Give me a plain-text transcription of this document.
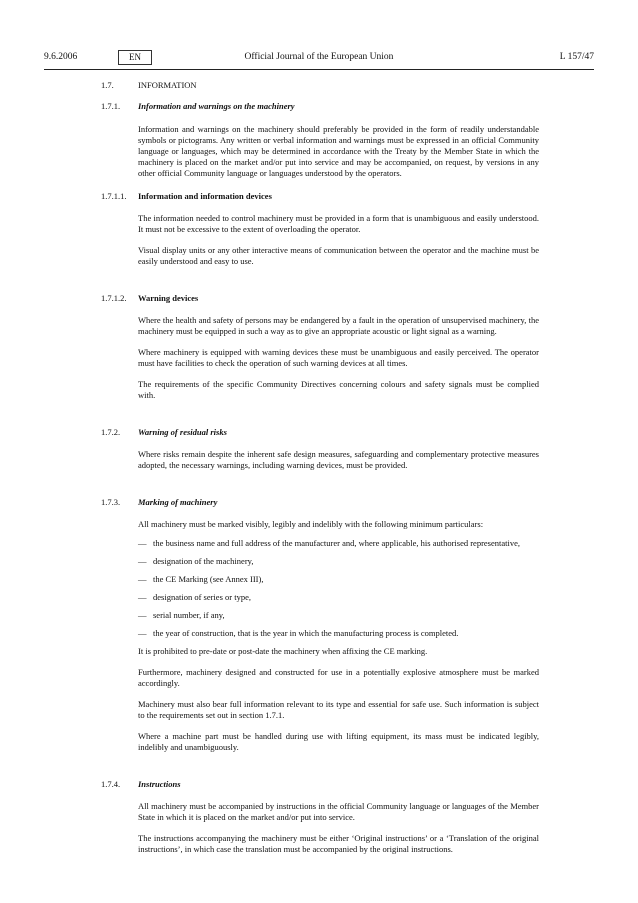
9.6.2006	EN	Official Journal of the European Union	L 157/47
1.7.	INFORMATION
1.7.1.	Information and warnings on the machinery
Information and warnings on the machinery should preferably be provided in the form of readily understandable symbols or pictograms. Any written or verbal information and warnings must be expressed in an official Community language or languages, which may be determined in accordance with the Treaty by the Member State in which the machinery is placed on the market and/or put into service and may be accompanied, on request, by versions in any other official Community language or languages understood by the operators.
1.7.1.1.	Information and information devices
The information needed to control machinery must be provided in a form that is unambiguous and easily understood. It must not be excessive to the extent of overloading the operator.
Visual display units or any other interactive means of communication between the operator and the machine must be easily understood and easy to use.
1.7.1.2.	Warning devices
Where the health and safety of persons may be endangered by a fault in the operation of unsupervised machinery, the machinery must be equipped in such a way as to give an appropriate acoustic or light signal as a warning.
Where machinery is equipped with warning devices these must be unambiguous and easily perceived. The operator must have facilities to check the operation of such warning devices at all times.
The requirements of the specific Community Directives concerning colours and safety signals must be complied with.
1.7.2.	Warning of residual risks
Where risks remain despite the inherent safe design measures, safeguarding and complementary protective measures adopted, the necessary warnings, including warning devices, must be provided.
1.7.3.	Marking of machinery
All machinery must be marked visibly, legibly and indelibly with the following minimum particulars:
— the business name and full address of the manufacturer and, where applicable, his authorised representative,
— designation of the machinery,
— the CE Marking (see Annex III),
— designation of series or type,
— serial number, if any,
— the year of construction, that is the year in which the manufacturing process is completed.
It is prohibited to pre-date or post-date the machinery when affixing the CE marking.
Furthermore, machinery designed and constructed for use in a potentially explosive atmosphere must be marked accordingly.
Machinery must also bear full information relevant to its type and essential for safe use. Such information is subject to the requirements set out in section 1.7.1.
Where a machine part must be handled during use with lifting equipment, its mass must be indicated legibly, indelibly and unambiguously.
1.7.4.	Instructions
All machinery must be accompanied by instructions in the official Community language or languages of the Member State in which it is placed on the market and/or put into service.
The instructions accompanying the machinery must be either ‘Original instructions’ or a ‘Translation of the original instructions’, in which case the translation must be accompanied by the original instructions.
